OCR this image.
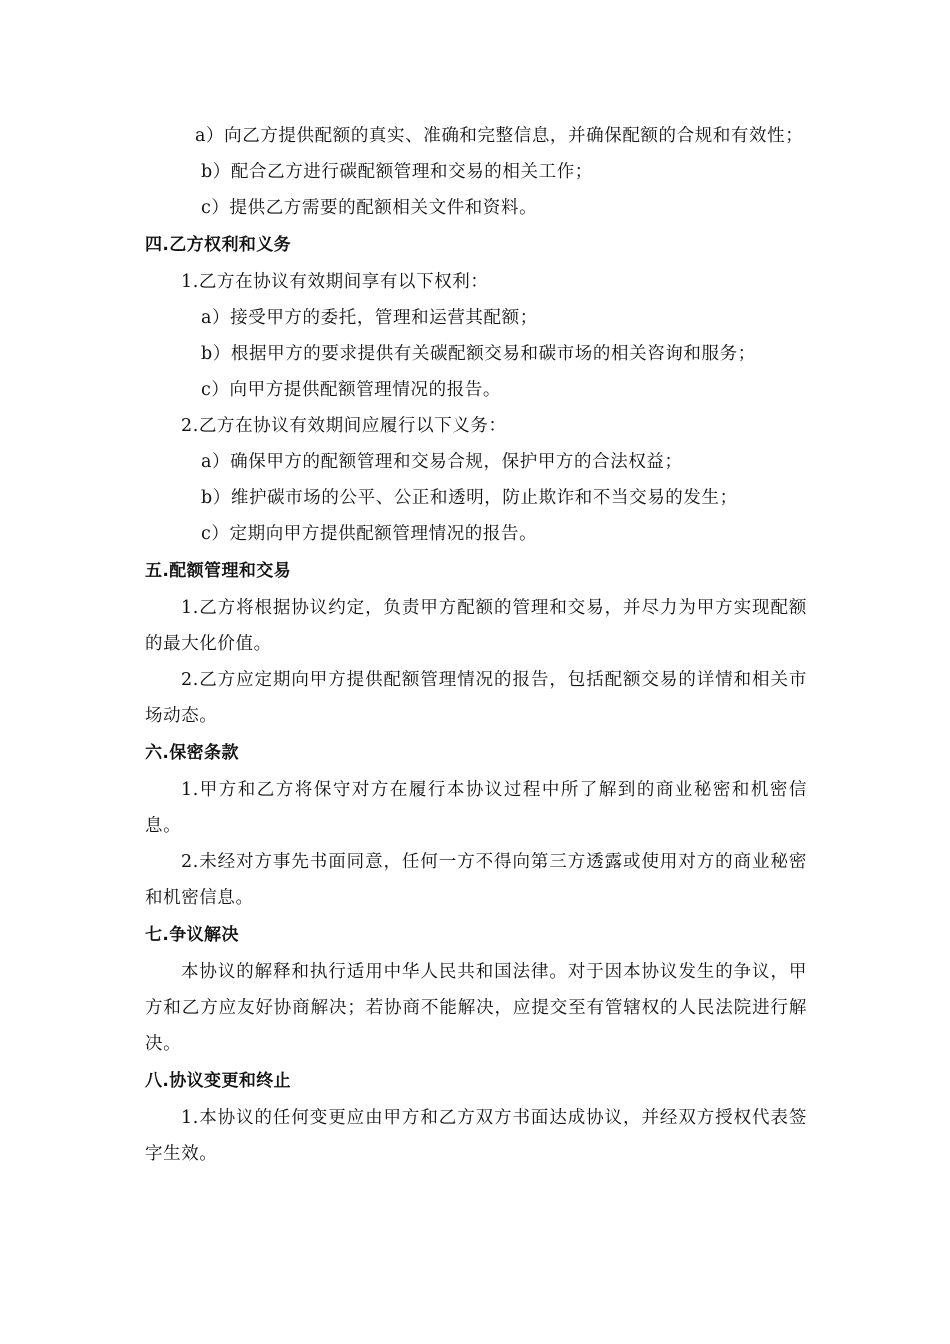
a）向乙方提供配额的真实、准确和完整信息，并确保配额的合规和有效性；

b）配合乙方进行碳配额管理和交易的相关工作；

c）提供乙方需要的配额相关文件和资料。

四.乙方权利和义务

1.乙方在协议有效期间享有以下权利：

a）接受甲方的委托，管理和运营其配额；

b）根据甲方的要求提供有关碳配额交易和碳市场的相关咨询和服务；

c）向甲方提供配额管理情况的报告。

2.乙方在协议有效期间应履行以下义务：

a）确保甲方的配额管理和交易合规，保护甲方的合法权益；

b）维护碳市场的公平、公正和透明，防止欺诈和不当交易的发生；

c）定期向甲方提供配额管理情况的报告。

五.配额管理和交易

1.乙方将根据协议约定，负责甲方配额的管理和交易，并尽力为甲方实现配额的最大化价值。

2.乙方应定期向甲方提供配额管理情况的报告，包括配额交易的详情和相关市场动态。

六.保密条款

1.甲方和乙方将保守对方在履行本协议过程中所了解到的商业秘密和机密信息。

2.未经对方事先书面同意，任何一方不得向第三方透露或使用对方的商业秘密和机密信息。

七.争议解决

本协议的解释和执行适用中华人民共和国法律。对于因本协议发生的争议，甲方和乙方应友好协商解决；若协商不能解决，应提交至有管辖权的人民法院进行解决。

八.协议变更和终止

1.本协议的任何变更应由甲方和乙方双方书面达成协议，并经双方授权代表签字生效。
